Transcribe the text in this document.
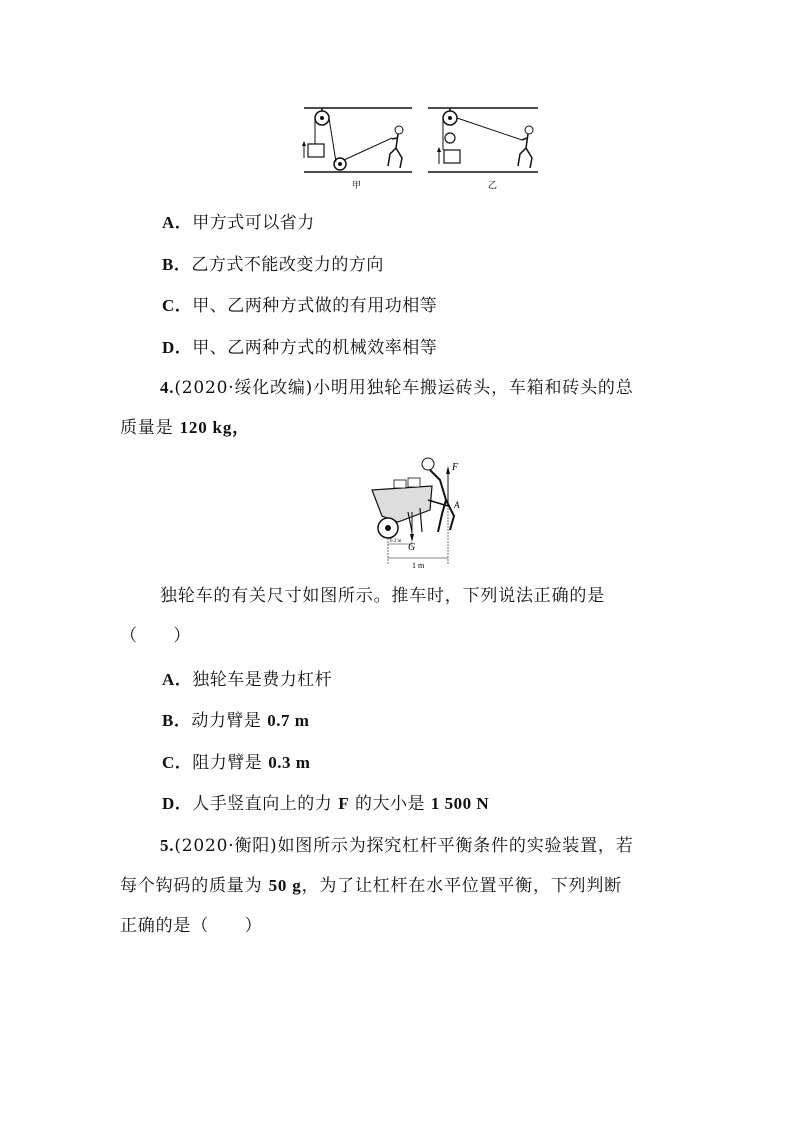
甲	乙
A．甲方式可以省力
B．乙方式不能改变力的方向
C．甲、乙两种方式做的有用功相等
D．甲、乙两种方式的机械效率相等
4.(2020·绥化改编)小明用独轮车搬运砖头，车箱和砖头的总
质量是 120 kg，
F
A
G
0.3 m
1 m
独轮车的有关尺寸如图所示。推车时，下列说法正确的是
（　　）
A．独轮车是费力杠杆
B．动力臂是 0.7 m
C．阻力臂是 0.3 m
D．人手竖直向上的力 F 的大小是 1 500 N
5.(2020·衡阳)如图所示为探究杠杆平衡条件的实验装置，若
每个钩码的质量为 50 g，为了让杠杆在水平位置平衡，下列判断
正确的是（　　）
